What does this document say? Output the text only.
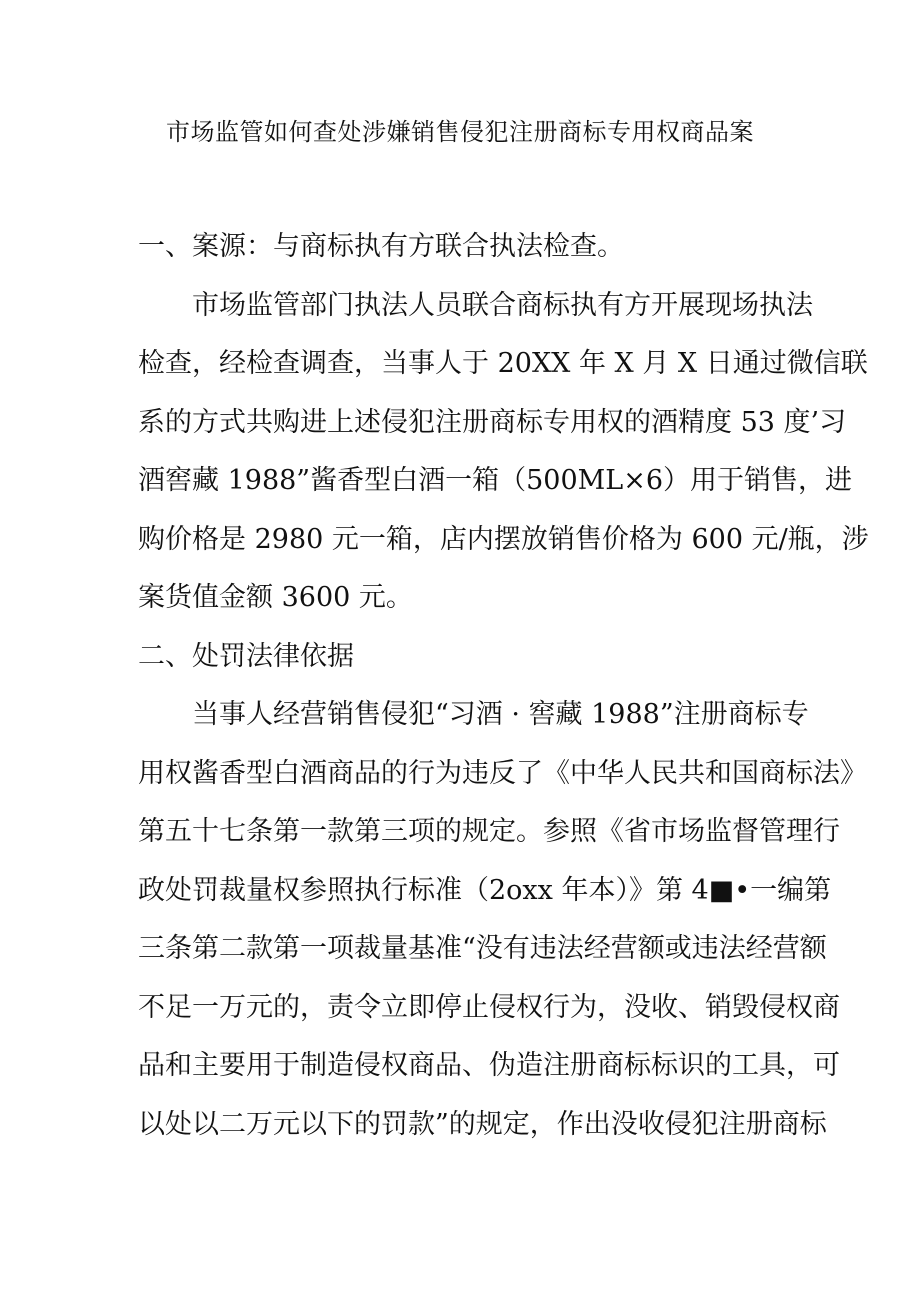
市场监管如何查处涉嫌销售侵犯注册商标专用权商品案
一、案源：与商标执有方联合执法检查。
市场监管部门执法人员联合商标执有方开展现场执法
检查，经检查调查，当事人于 20XX 年 X 月 X 日通过微信联
系的方式共购进上述侵犯注册商标专用权的酒精度 53 度’习
酒窖藏 1988”酱香型白酒一箱（500ML×6）用于销售，进
购价格是 2980 元一箱，店内摆放销售价格为 600 元/瓶，涉
案货值金额 3600 元。
二、处罚法律依据
当事人经营销售侵犯“习酒 · 窖藏 1988”注册商标专
用权酱香型白酒商品的行为违反了《中华人民共和国商标法》
第五十七条第一款第三项的规定。参照《省市场监督管理行
政处罚裁量权参照执行标准（2oxx 年本）》第 4■•一编第
三条第二款第一项裁量基准“没有违法经营额或违法经营额
不足一万元的，责令立即停止侵权行为，没收、销毁侵权商
品和主要用于制造侵权商品、伪造注册商标标识的工具，可
以处以二万元以下的罚款”的规定，作出没收侵犯注册商标
